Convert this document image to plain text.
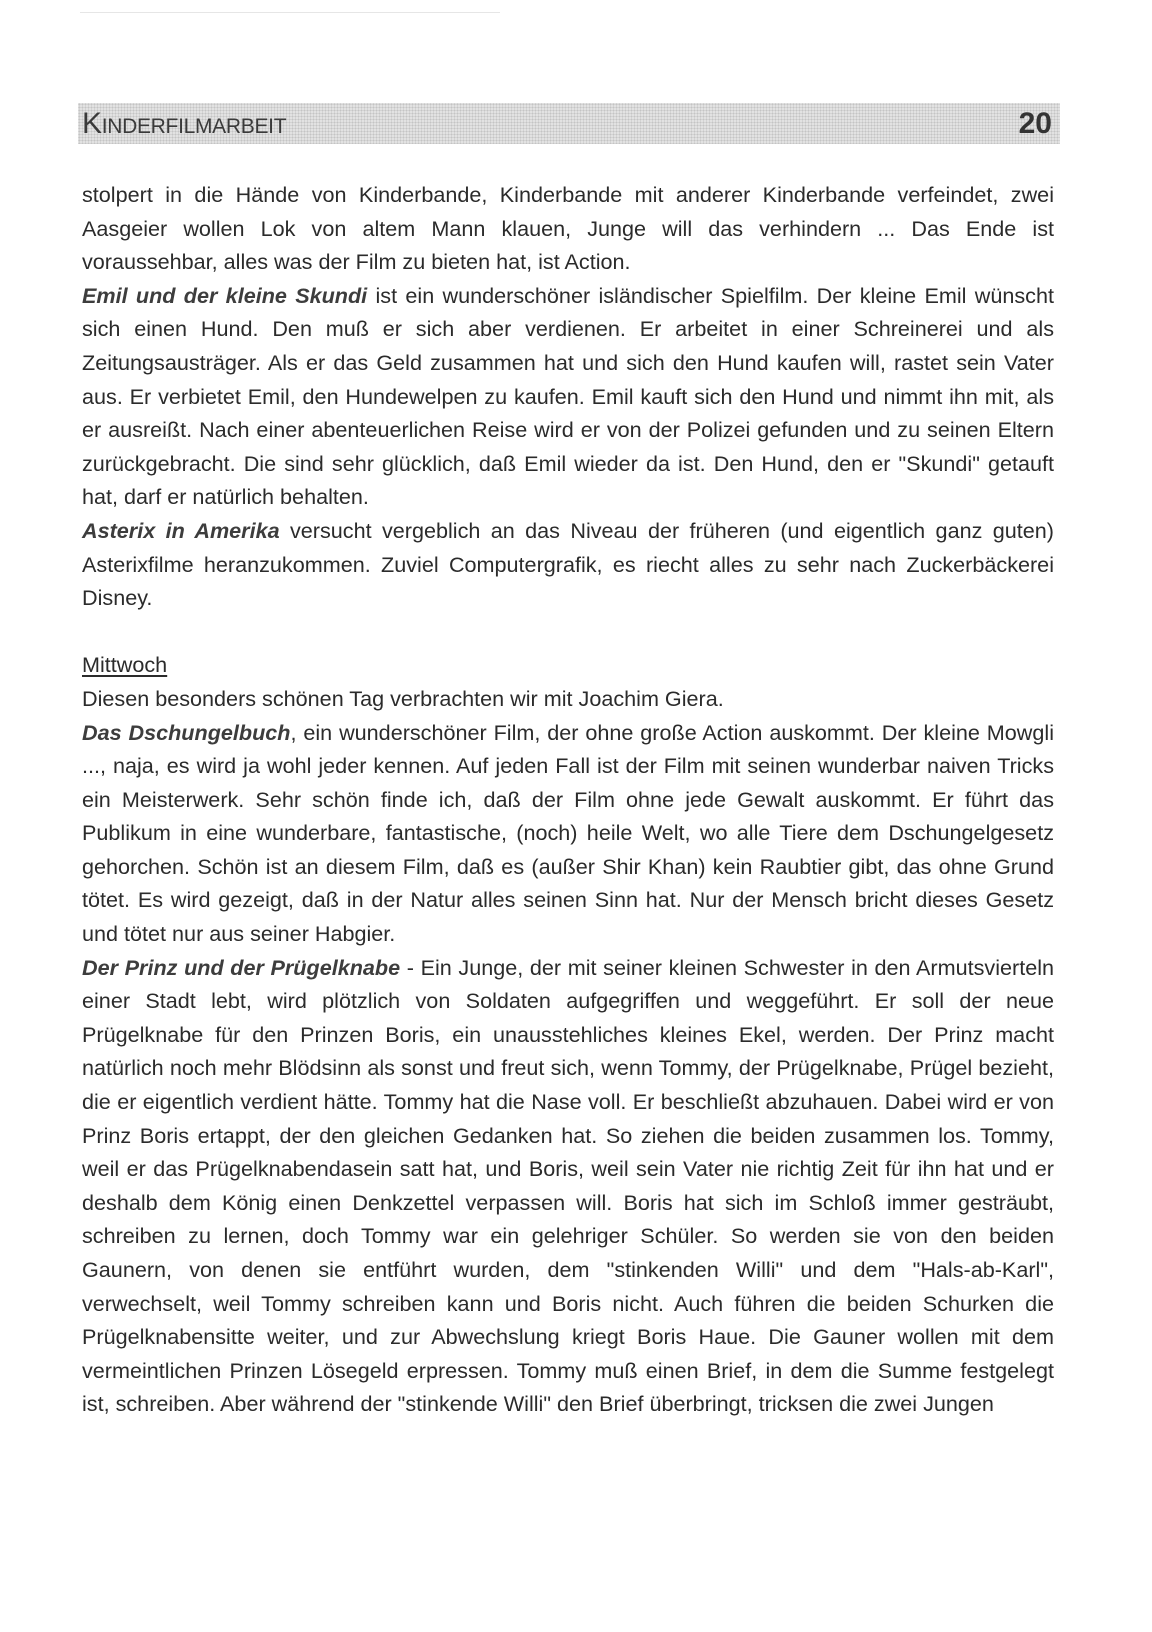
Kinderfilmarbeit	20

stolpert in die Hände von Kinderbande, Kinderbande mit anderer Kinderbande verfeindet, zwei Aasgeier wollen Lok von altem Mann klauen, Junge will das verhindern ... Das Ende ist voraussehbar, alles was der Film zu bieten hat, ist Action.

Emil und der kleine Skundi ist ein wunderschöner isländischer Spielfilm. Der kleine Emil wünscht sich einen Hund. Den muß er sich aber verdienen. Er arbeitet in einer Schreinerei und als Zeitungsausträger. Als er das Geld zusammen hat und sich den Hund kaufen will, rastet sein Vater aus. Er verbietet Emil, den Hundewelpen zu kaufen. Emil kauft sich den Hund und nimmt ihn mit, als er ausreißt. Nach einer abenteuerlichen Reise wird er von der Polizei gefunden und zu seinen Eltern zurückgebracht. Die sind sehr glücklich, daß Emil wieder da ist. Den Hund, den er "Skundi" getauft hat, darf er natürlich behalten.

Asterix in Amerika versucht vergeblich an das Niveau der früheren (und eigentlich ganz guten) Asterixfilme heranzukommen. Zuviel Computergrafik, es riecht alles zu sehr nach Zuckerbäckerei Disney.

Mittwoch

Diesen besonders schönen Tag verbrachten wir mit Joachim Giera.

Das Dschungelbuch, ein wunderschöner Film, der ohne große Action auskommt. Der kleine Mowgli ..., naja, es wird ja wohl jeder kennen. Auf jeden Fall ist der Film mit seinen wunderbar naiven Tricks ein Meisterwerk. Sehr schön finde ich, daß der Film ohne jede Gewalt auskommt. Er führt das Publikum in eine wunderbare, fantastische, (noch) heile Welt, wo alle Tiere dem Dschungelgesetz gehorchen. Schön ist an diesem Film, daß es (außer Shir Khan) kein Raubtier gibt, das ohne Grund tötet. Es wird gezeigt, daß in der Natur alles seinen Sinn hat. Nur der Mensch bricht dieses Gesetz und tötet nur aus seiner Habgier.

Der Prinz und der Prügelknabe - Ein Junge, der mit seiner kleinen Schwester in den Armutsvierteln einer Stadt lebt, wird plötzlich von Soldaten aufgegriffen und weggeführt. Er soll der neue Prügelknabe für den Prinzen Boris, ein unausstehliches kleines Ekel, werden. Der Prinz macht natürlich noch mehr Blödsinn als sonst und freut sich, wenn Tommy, der Prügelknabe, Prügel bezieht, die er eigentlich verdient hätte. Tommy hat die Nase voll. Er beschließt abzuhauen. Dabei wird er von Prinz Boris ertappt, der den gleichen Gedanken hat. So ziehen die beiden zusammen los. Tommy, weil er das Prügelknabendasein satt hat, und Boris, weil sein Vater nie richtig Zeit für ihn hat und er deshalb dem König einen Denkzettel verpassen will. Boris hat sich im Schloß immer gesträubt, schreiben zu lernen, doch Tommy war ein gelehriger Schüler. So werden sie von den beiden Gaunern, von denen sie entführt wurden, dem "stinkenden Willi" und dem "Hals-ab-Karl", verwechselt, weil Tommy schreiben kann und Boris nicht. Auch führen die beiden Schurken die Prügelknabensitte weiter, und zur Abwechslung kriegt Boris Haue. Die Gauner wollen mit dem vermeintlichen Prinzen Lösegeld erpressen. Tommy muß einen Brief, in dem die Summe festgelegt ist, schreiben. Aber während der "stinkende Willi" den Brief überbringt, tricksen die zwei Jungen
